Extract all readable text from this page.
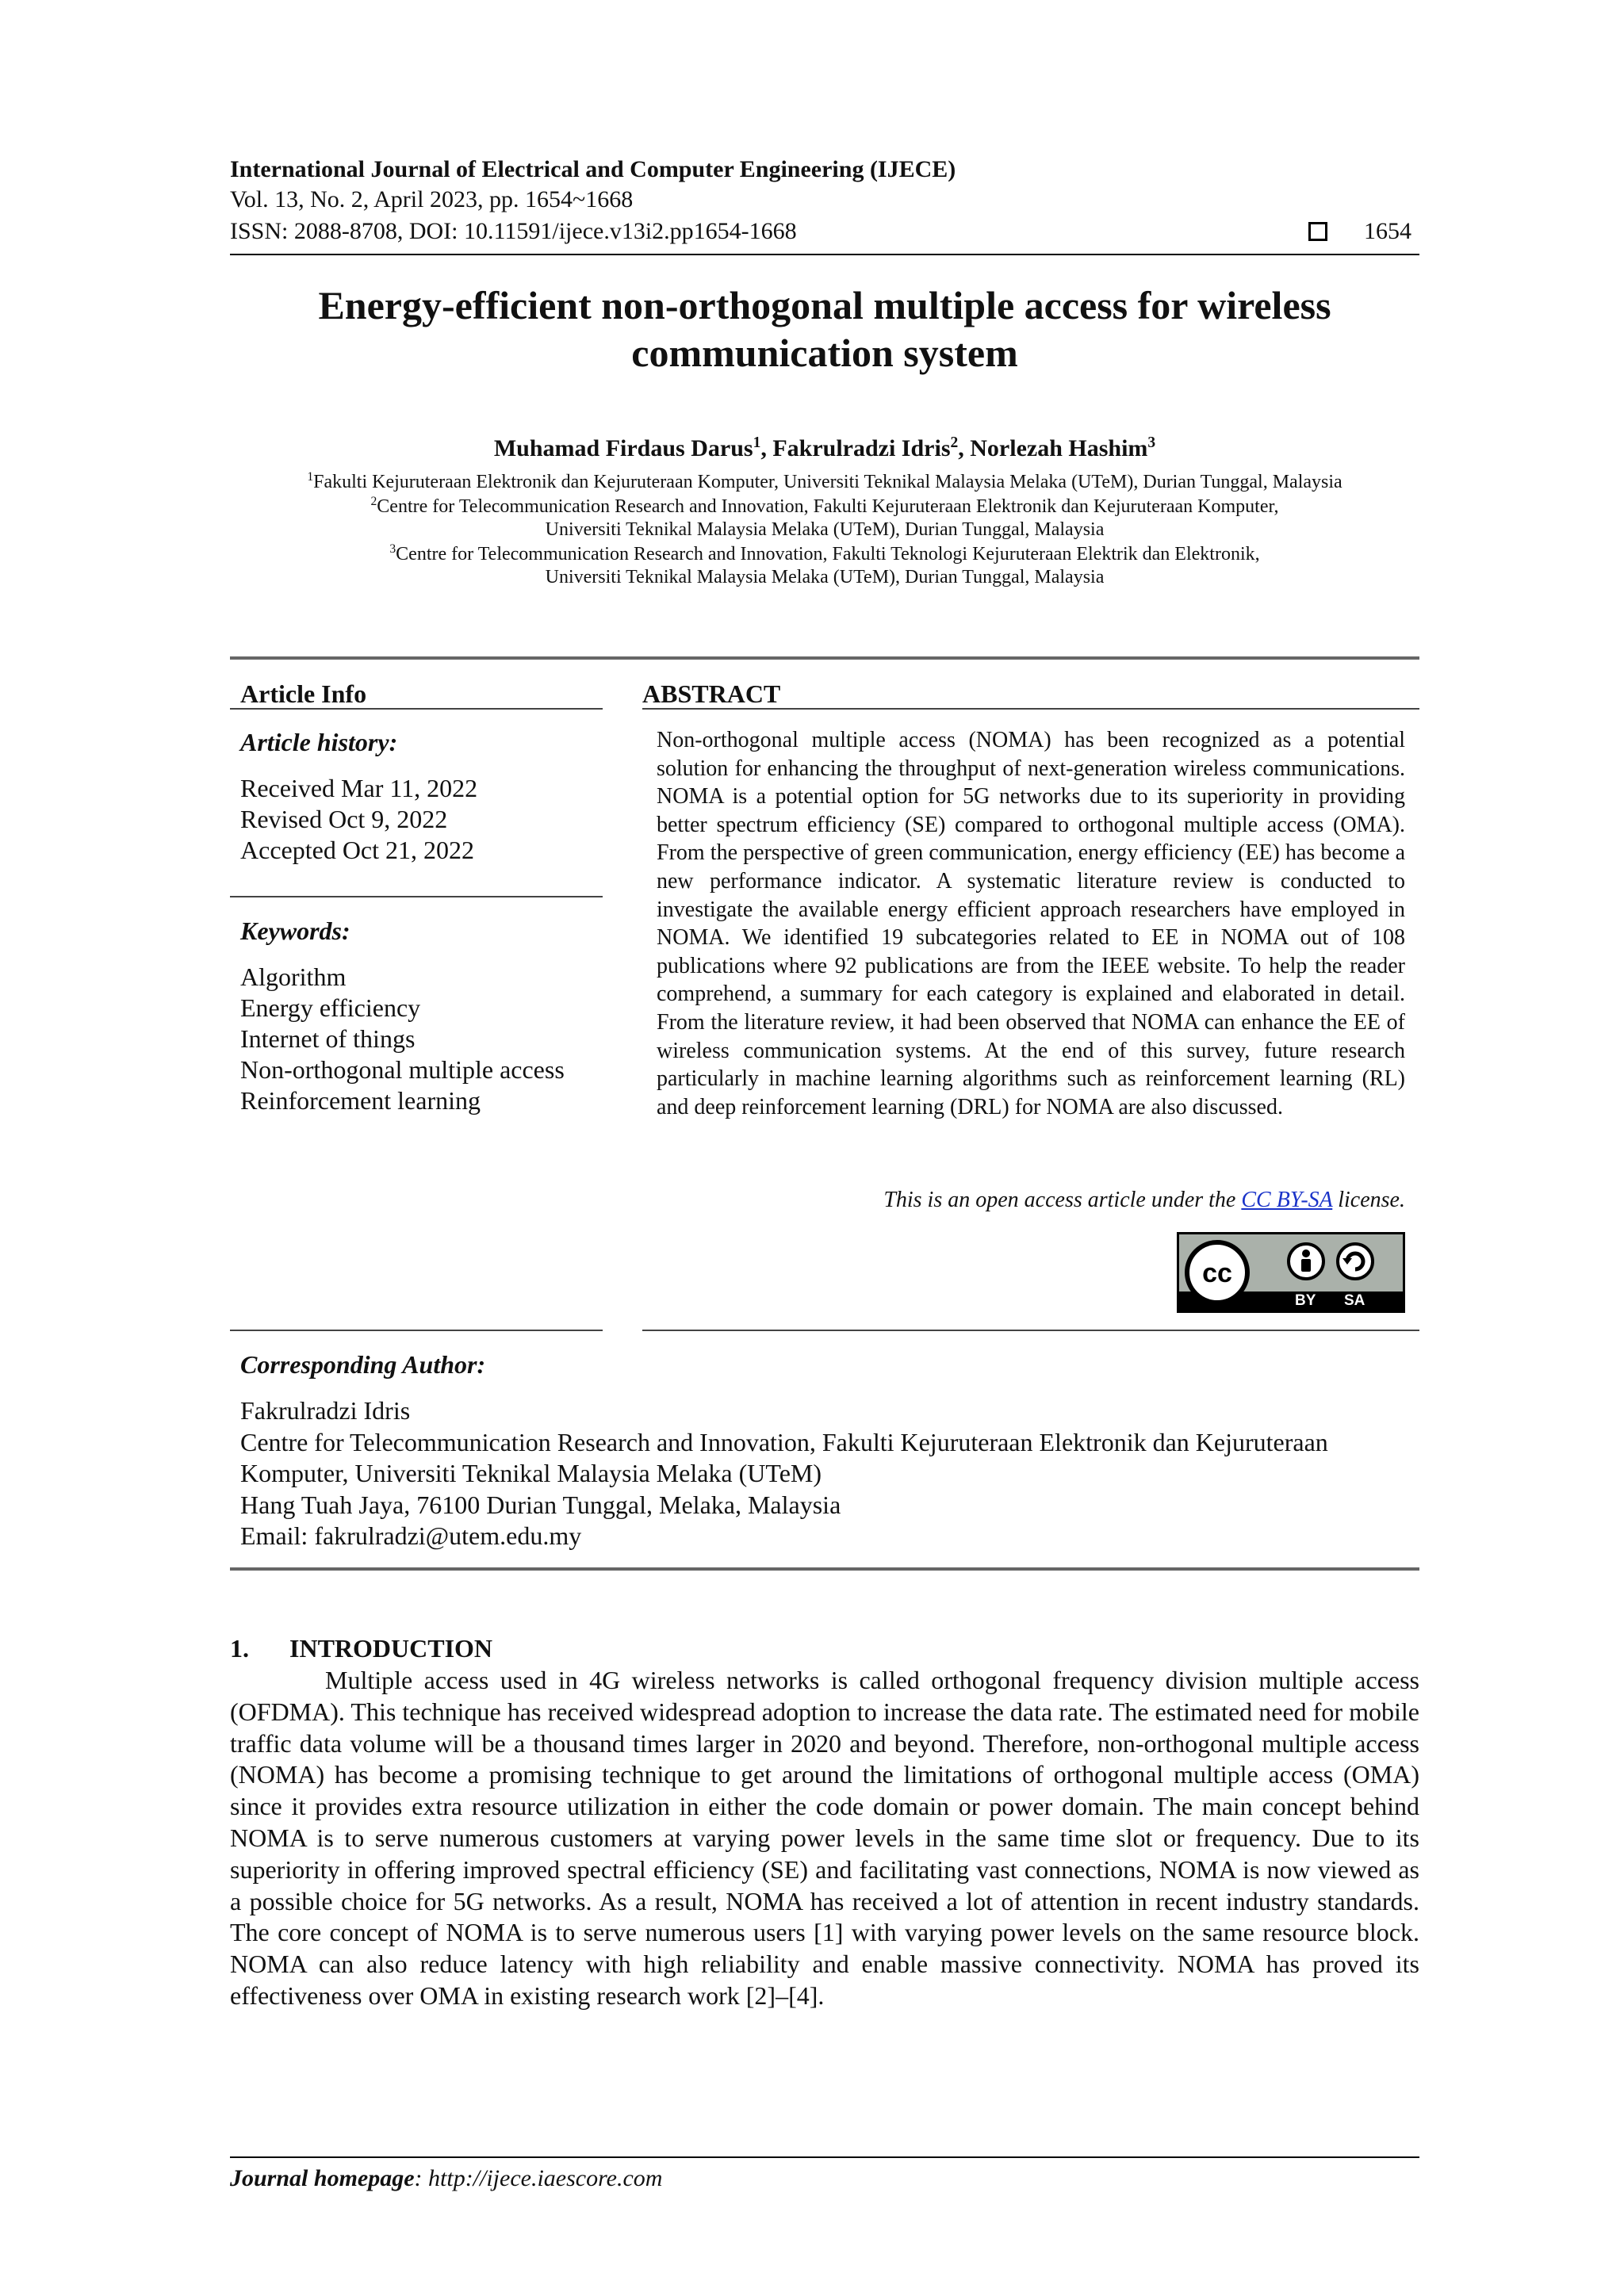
International Journal of Electrical and Computer Engineering (IJECE)
Vol. 13, No. 2, April 2023, pp. 1654~1668
ISSN: 2088-8708, DOI: 10.11591/ijece.v13i2.pp1654-1668	1654
Energy-efficient non-orthogonal multiple access for wireless
communication system
Muhamad Firdaus Darus$^1$, Fakrulradzi Idris$^2$, Norlezah Hashim$^3$
$^1$Fakulti Kejuruteraan Elektronik dan Kejuruteraan Komputer, Universiti Teknikal Malaysia Melaka (UTeM), Durian Tunggal, Malaysia
$^2$Centre for Telecommunication Research and Innovation, Fakulti Kejuruteraan Elektronik dan Kejuruteraan Komputer,
Universiti Teknikal Malaysia Melaka (UTeM), Durian Tunggal, Malaysia
$^3$Centre for Telecommunication Research and Innovation, Fakulti Teknologi Kejuruteraan Elektrik dan Elektronik,
Universiti Teknikal Malaysia Melaka (UTeM), Durian Tunggal, Malaysia
Article Info
Article history:
Received Mar 11, 2022
Revised Oct 9, 2022
Accepted Oct 21, 2022
Keywords:
Algorithm
Energy efficiency
Internet of things
Non-orthogonal multiple access
Reinforcement learning
ABSTRACT
Non-orthogonal multiple access (NOMA) has been recognized as a potential solution for enhancing the throughput of next-generation wireless communications. NOMA is a potential option for 5G networks due to its superiority in providing better spectrum efficiency (SE) compared to orthogonal multiple access (OMA). From the perspective of green communication, energy efficiency (EE) has become a new performance indicator. A systematic literature review is conducted to investigate the available energy efficient approach researchers have employed in NOMA. We identified 19 subcategories related to EE in NOMA out of 108 publications where 92 publications are from the IEEE website. To help the reader comprehend, a summary for each category is explained and elaborated in detail. From the literature review, it had been observed that NOMA can enhance the EE of wireless communication systems. At the end of this survey, future research particularly in machine learning algorithms such as reinforcement learning (RL) and deep reinforcement learning (DRL) for NOMA are also discussed.
This is an open access article under the CC BY-SA license.
cc
BY SA
Corresponding Author:
Fakrulradzi Idris
Centre for Telecommunication Research and Innovation, Fakulti Kejuruteraan Elektronik dan Kejuruteraan
Komputer, Universiti Teknikal Malaysia Melaka (UTeM)
Hang Tuah Jaya, 76100 Durian Tunggal, Melaka, Malaysia
Email: fakrulradzi@utem.edu.my
1. INTRODUCTION
Multiple access used in 4G wireless networks is called orthogonal frequency division multiple access (OFDMA). This technique has received widespread adoption to increase the data rate. The estimated need for mobile traffic data volume will be a thousand times larger in 2020 and beyond. Therefore, non-orthogonal multiple access (NOMA) has become a promising technique to get around the limitations of orthogonal multiple access (OMA) since it provides extra resource utilization in either the code domain or power domain. The main concept behind NOMA is to serve numerous customers at varying power levels in the same time slot or frequency. Due to its superiority in offering improved spectral efficiency (SE) and facilitating vast connections, NOMA is now viewed as a possible choice for 5G networks. As a result, NOMA has received a lot of attention in recent industry standards. The core concept of NOMA is to serve numerous users [1] with varying power levels on the same resource block. NOMA can also reduce latency with high reliability and enable massive connectivity. NOMA has proved its effectiveness over OMA in existing research work [2]–[4].
Journal homepage: http://ijece.iaescore.com
